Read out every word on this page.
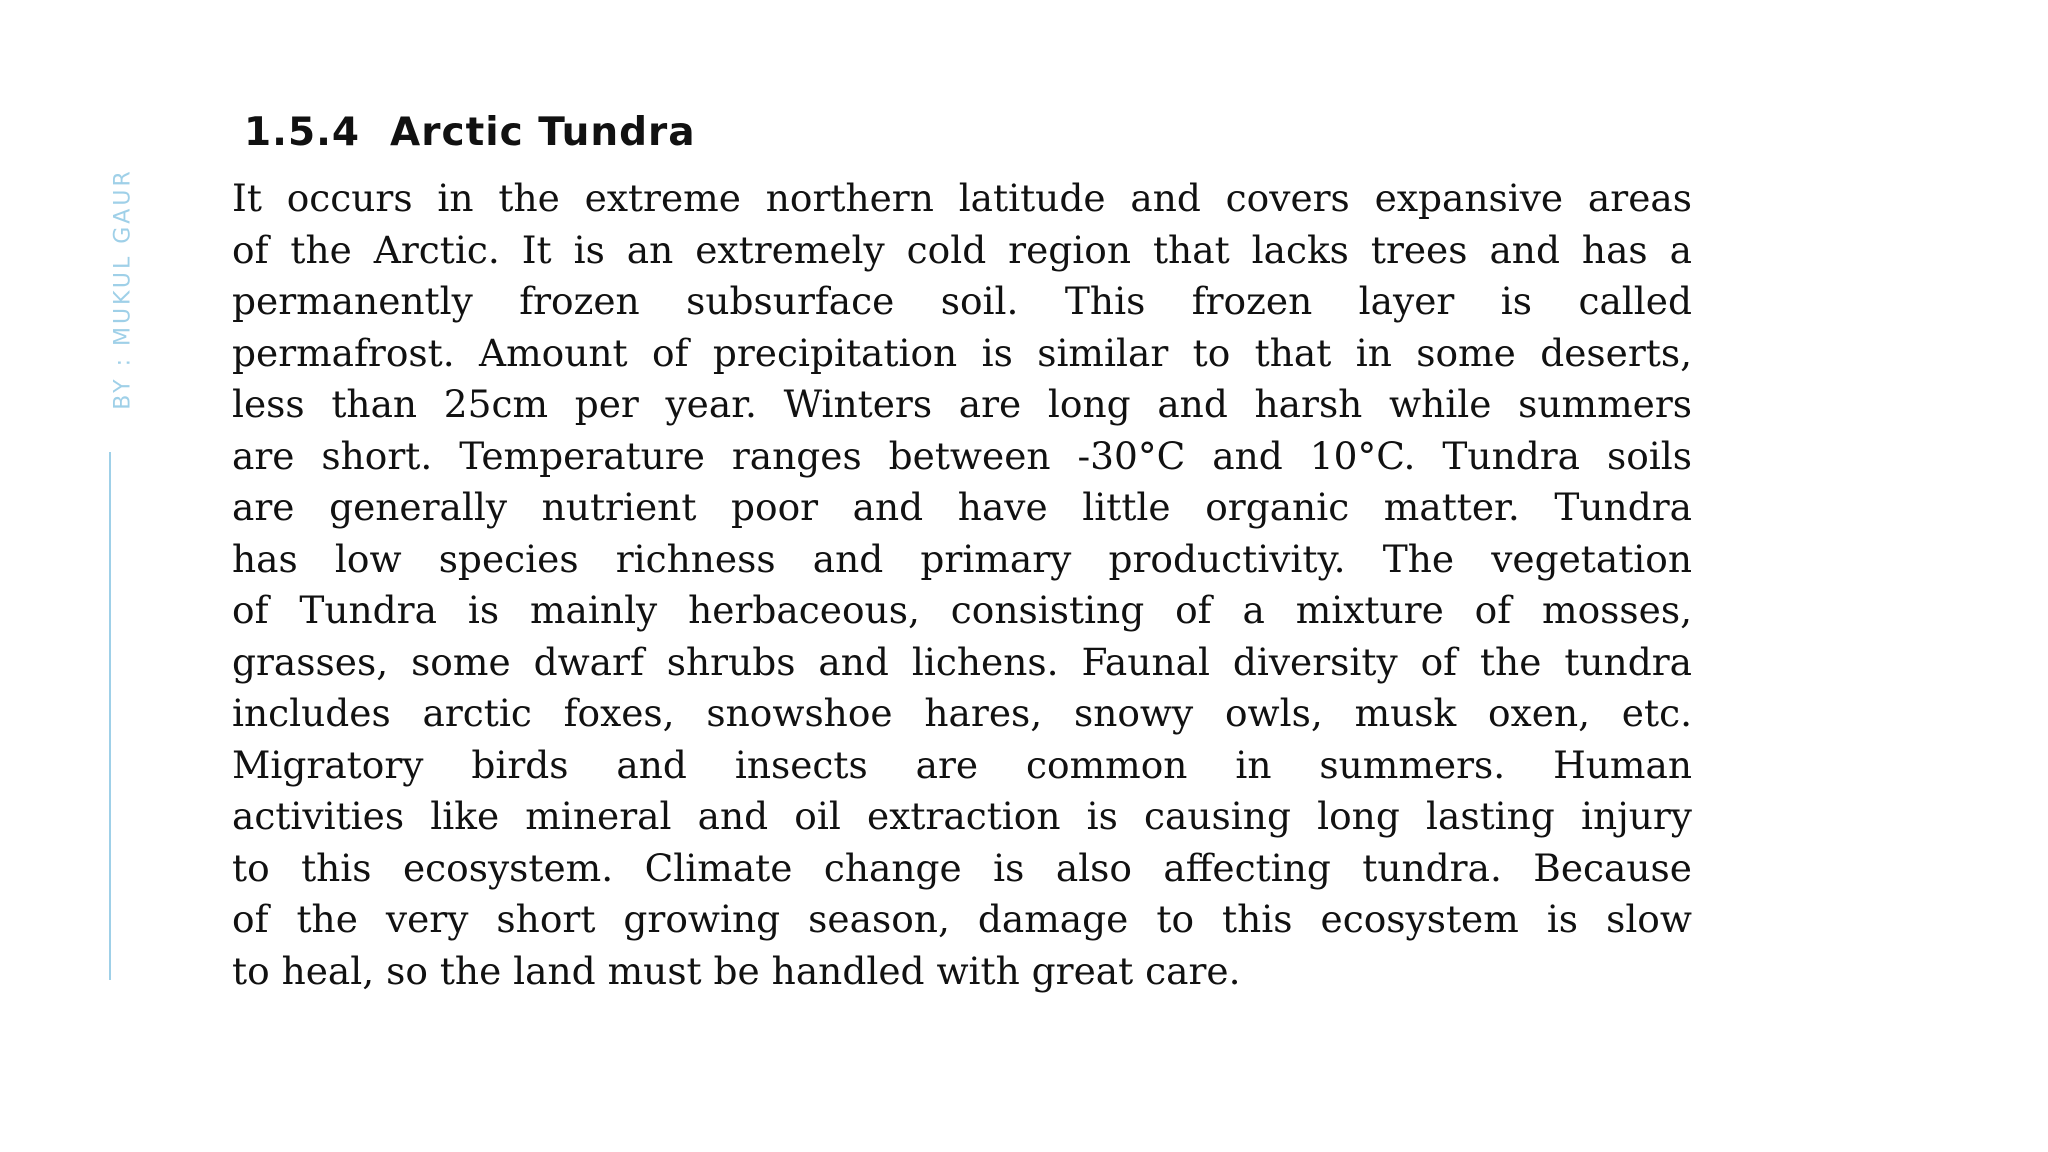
BY : MUKUL GAUR
1.5.4 Arctic Tundra
It occurs in the extreme northern latitude and covers expansive areas
of the Arctic. It is an extremely cold region that lacks trees and has a
permanently frozen subsurface soil. This frozen layer is called
permafrost. Amount of precipitation is similar to that in some deserts,
less than 25cm per year. Winters are long and harsh while summers
are short. Temperature ranges between -30°C and 10°C. Tundra soils
are generally nutrient poor and have little organic matter. Tundra
has low species richness and primary productivity. The vegetation
of Tundra is mainly herbaceous, consisting of a mixture of mosses,
grasses, some dwarf shrubs and lichens. Faunal diversity of the tundra
includes arctic foxes, snowshoe hares, snowy owls, musk oxen, etc.
Migratory birds and insects are common in summers. Human
activities like mineral and oil extraction is causing long lasting injury
to this ecosystem. Climate change is also affecting tundra. Because
of the very short growing season, damage to this ecosystem is slow
to heal, so the land must be handled with great care.
